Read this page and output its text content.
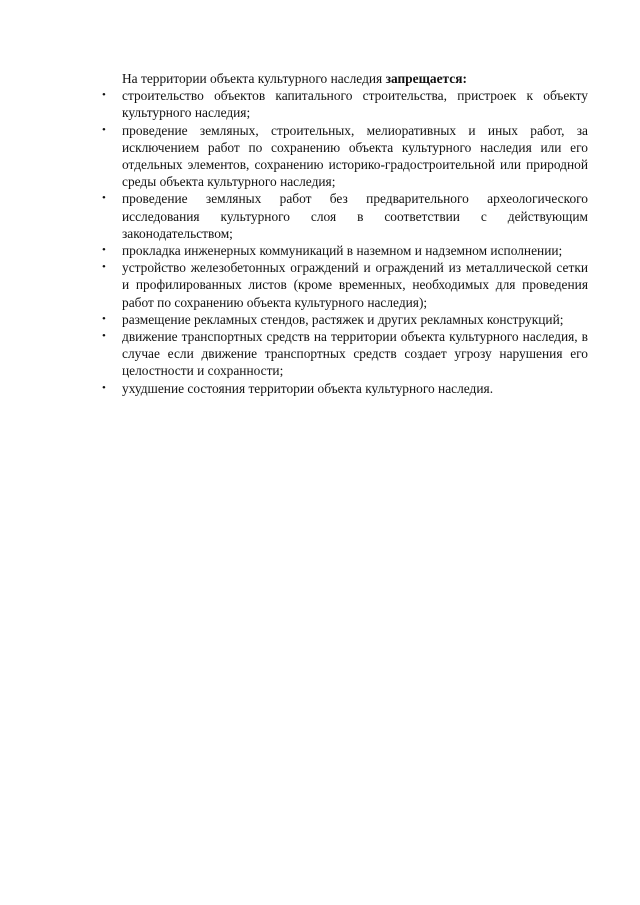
На территории объекта культурного наследия запрещается:

• строительство объектов капитального строительства, пристроек к объекту культурного наследия;
• проведение земляных, строительных, мелиоративных и иных работ, за исключением работ по сохранению объекта культурного наследия или его отдельных элементов, сохранению историко-градостроительной или природной среды объекта культурного наследия;
• проведение земляных работ без предварительного археологического исследования культурного слоя в соответствии с действующим законодательством;
• прокладка инженерных коммуникаций в наземном и надземном исполнении;
• устройство железобетонных ограждений и ограждений из металлической сетки и профилированных листов (кроме временных, необходимых для проведения работ по сохранению объекта культурного наследия);
• размещение рекламных стендов, растяжек и других рекламных конструкций;
• движение транспортных средств на территории объекта культурного наследия, в случае если движение транспортных средств создает угрозу нарушения его целостности и сохранности;
• ухудшение состояния территории объекта культурного наследия.
